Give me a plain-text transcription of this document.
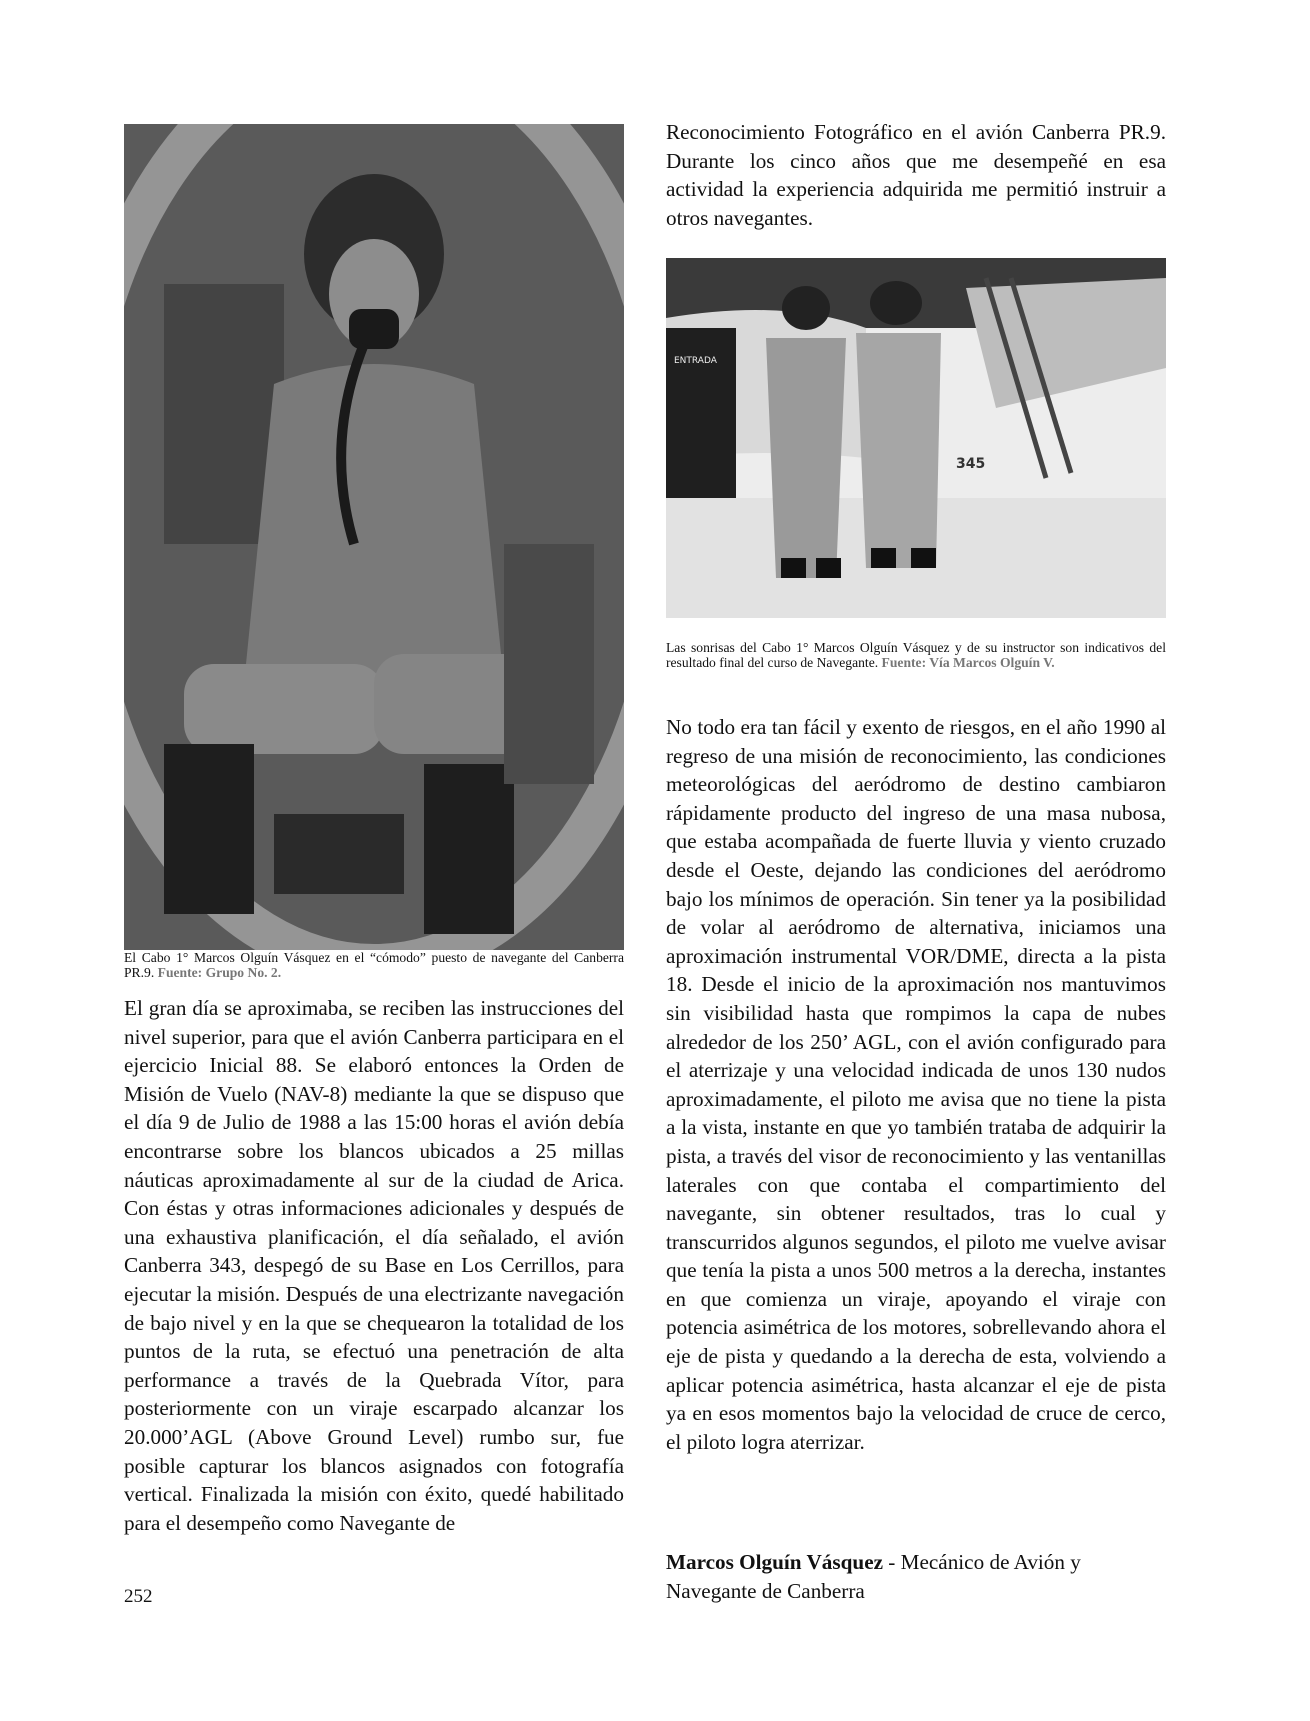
El Cabo 1° Marcos Olguín Vásquez en el “cómodo” puesto de navegante del Canberra PR.9. Fuente: Grupo No. 2.

El gran día se aproximaba, se reciben las instrucciones del nivel superior, para que el avión Canberra participara en el ejercicio Inicial 88. Se elaboró entonces la Orden de Misión de Vuelo (NAV-8) mediante la que se dispuso que el día 9 de Julio de 1988 a las 15:00 horas el avión debía encontrarse sobre los blancos ubicados a 25 millas náuticas aproximadamente al sur de la ciudad de Arica. Con éstas y otras informaciones adicionales y después de una exhaustiva planificación, el día señalado, el avión Canberra 343, despegó de su Base en Los Cerrillos, para ejecutar la misión. Después de una electrizante navegación de bajo nivel y en la que se chequearon la totalidad de los puntos de la ruta, se efectuó una penetración de alta performance a través de la Quebrada Vítor, para posteriormente con un viraje escarpado alcanzar los 20.000’AGL (Above Ground Level) rumbo sur, fue posible capturar los blancos asignados con fotografía vertical. Finalizada la misión con éxito, quedé habilitado para el desempeño como Navegante de

Reconocimiento Fotográfico en el avión Canberra PR.9. Durante los cinco años que me desempeñé en esa actividad la experiencia adquirida me permitió instruir a otros navegantes.

ENTRADA
345
Las sonrisas del Cabo 1° Marcos Olguín Vásquez y de su instructor son indicativos del resultado final del curso de Navegante. Fuente: Vía Marcos Olguín V.

No todo era tan fácil y exento de riesgos, en el año 1990 al regreso de una misión de reconocimiento, las condiciones meteorológicas del aeródromo de destino cambiaron rápidamente producto del ingreso de una masa nubosa, que estaba acompañada de fuerte lluvia y viento cruzado desde el Oeste, dejando las condiciones del aeródromo bajo los mínimos de operación. Sin tener ya la posibilidad de volar al aeródromo de alternativa, iniciamos una aproximación instrumental VOR/DME, directa a la pista 18. Desde el inicio de la aproximación nos mantuvimos sin visibilidad hasta que rompimos la capa de nubes alrededor de los 250’ AGL, con el avión configurado para el aterrizaje y una velocidad indicada de unos 130 nudos aproximadamente, el piloto me avisa que no tiene la pista a la vista, instante en que yo también trataba de adquirir la pista, a través del visor de reconocimiento y las ventanillas laterales con que contaba el compartimiento del navegante, sin obtener resultados, tras lo cual y transcurridos algunos segundos, el piloto me vuelve avisar que tenía la pista a unos 500 metros a la derecha, instantes en que comienza un viraje, apoyando el viraje con potencia asimétrica de los motores, sobrellevando ahora el eje de pista y quedando a la derecha de esta, volviendo a aplicar potencia asimétrica, hasta alcanzar el eje de pista ya en esos momentos bajo la velocidad de cruce de cerco, el piloto logra aterrizar.

Marcos Olguín Vásquez - Mecánico de Avión y Navegante de Canberra
252
